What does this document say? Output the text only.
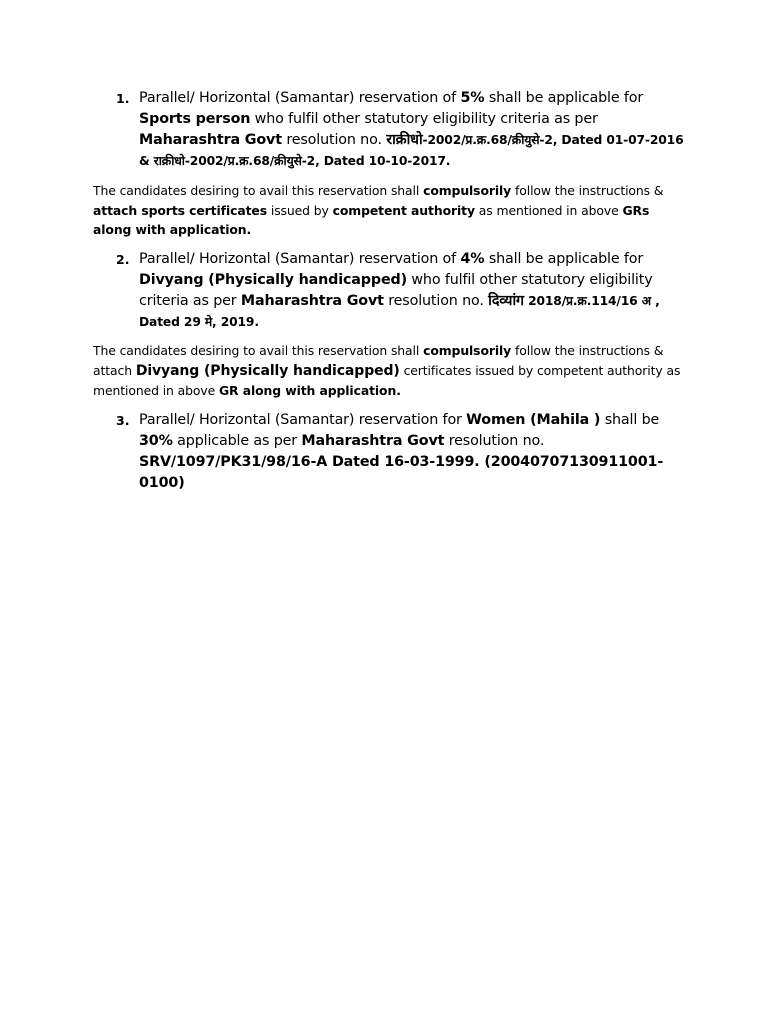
1. Parallel/ Horizontal (Samantar) reservation of 5% shall be applicable for Sports person who fulfil other statutory eligibility criteria as per Maharashtra Govt resolution no. राक्रीधो-2002/प्र.क्र.68/क्रीयुसे-2, Dated 01-07-2016 & राक्रीधो-2002/प्र.क्र.68/क्रीयुसे-2, Dated 10-10-2017.
The candidates desiring to avail this reservation shall compulsorily follow the instructions & attach sports certificates issued by competent authority as mentioned in above GRs along with application.
2. Parallel/ Horizontal (Samantar) reservation of 4% shall be applicable for Divyang (Physically handicapped) who fulfil other statutory eligibility criteria as per Maharashtra Govt resolution no. दिव्यांग 2018/प्र.क्र.114/16 अ , Dated 29 मे, 2019.
The candidates desiring to avail this reservation shall compulsorily follow the instructions & attach Divyang (Physically handicapped) certificates issued by competent authority as mentioned in above GR along with application.
3. Parallel/ Horizontal (Samantar) reservation for Women (Mahila ) shall be 30% applicable as per Maharashtra Govt resolution no. SRV/1097/PK31/98/16-A Dated 16-03-1999. (20040707130911001-0100)
